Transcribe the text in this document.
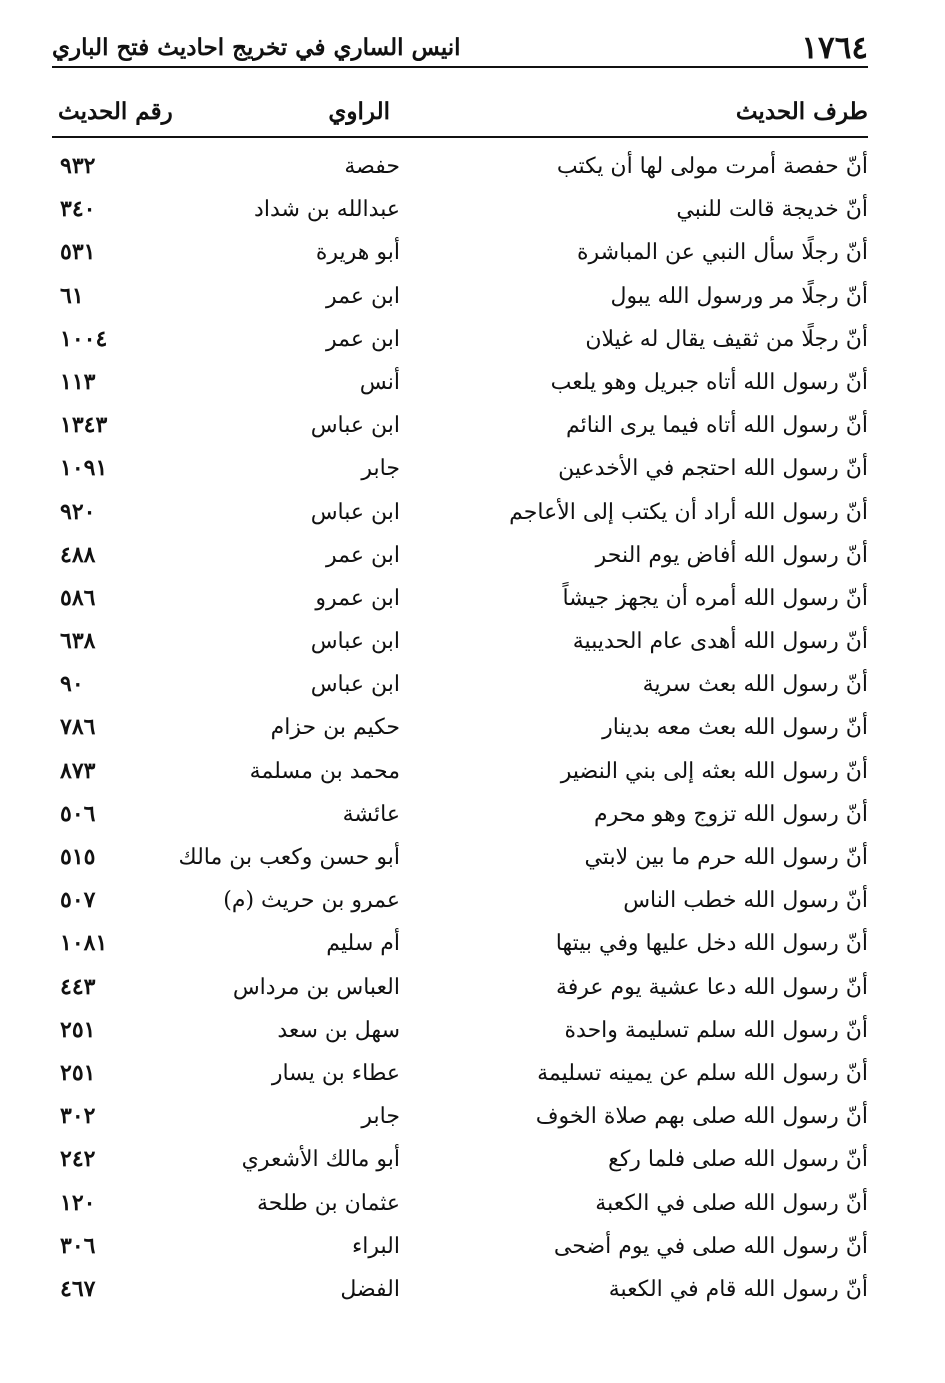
١٧٦٤
انيس الساري في تخريج احاديث فتح الباري
طرف الحديث
الراوي
رقم الحديث
أنّ حفصة أمرت مولى لها أن يكتب
حفصة
٩٣٢
أنّ خديجة قالت للنبي
عبدالله بن شداد
٣٤٠
أنّ رجلًا سأل النبي عن المباشرة
أبو هريرة
٥٣١
أنّ رجلًا مر ورسول الله يبول
ابن عمر
٦١
أنّ رجلًا من ثقيف يقال له غيلان
ابن عمر
١٠٠٤
أنّ رسول الله أتاه جبريل وهو يلعب
أنس
١١٣
أنّ رسول الله أتاه فيما يرى النائم
ابن عباس
١٣٤٣
أنّ رسول الله احتجم في الأخدعين
جابر
١٠٩١
أنّ رسول الله أراد أن يكتب إلى الأعاجم
ابن عباس
٩٢٠
أنّ رسول الله أفاض يوم النحر
ابن عمر
٤٨٨
أنّ رسول الله أمره أن يجهز جيشاً
ابن عمرو
٥٨٦
أنّ رسول الله أهدى عام الحديبية
ابن عباس
٦٣٨
أنّ رسول الله بعث سرية
ابن عباس
٩٠
أنّ رسول الله بعث معه بدينار
حكيم بن حزام
٧٨٦
أنّ رسول الله بعثه إلى بني النضير
محمد بن مسلمة
٨٧٣
أنّ رسول الله تزوج وهو محرم
عائشة
٥٠٦
أنّ رسول الله حرم ما بين لابتي
أبو حسن وكعب بن مالك
٥١٥
أنّ رسول الله خطب الناس
عمرو بن حريث (م)
٥٠٧
أنّ رسول الله دخل عليها وفي بيتها
أم سليم
١٠٨١
أنّ رسول الله دعا عشية يوم عرفة
العباس بن مرداس
٤٤٣
أنّ رسول الله سلم تسليمة واحدة
سهل بن سعد
٢٥١
أنّ رسول الله سلم عن يمينه تسليمة
عطاء بن يسار
٢٥١
أنّ رسول الله صلى بهم صلاة الخوف
جابر
٣٠٢
أنّ رسول الله صلى فلما ركع
أبو مالك الأشعري
٢٤٢
أنّ رسول الله صلى في الكعبة
عثمان بن طلحة
١٢٠
أنّ رسول الله صلى في يوم أضحى
البراء
٣٠٦
أنّ رسول الله قام في الكعبة
الفضل
٤٦٧
